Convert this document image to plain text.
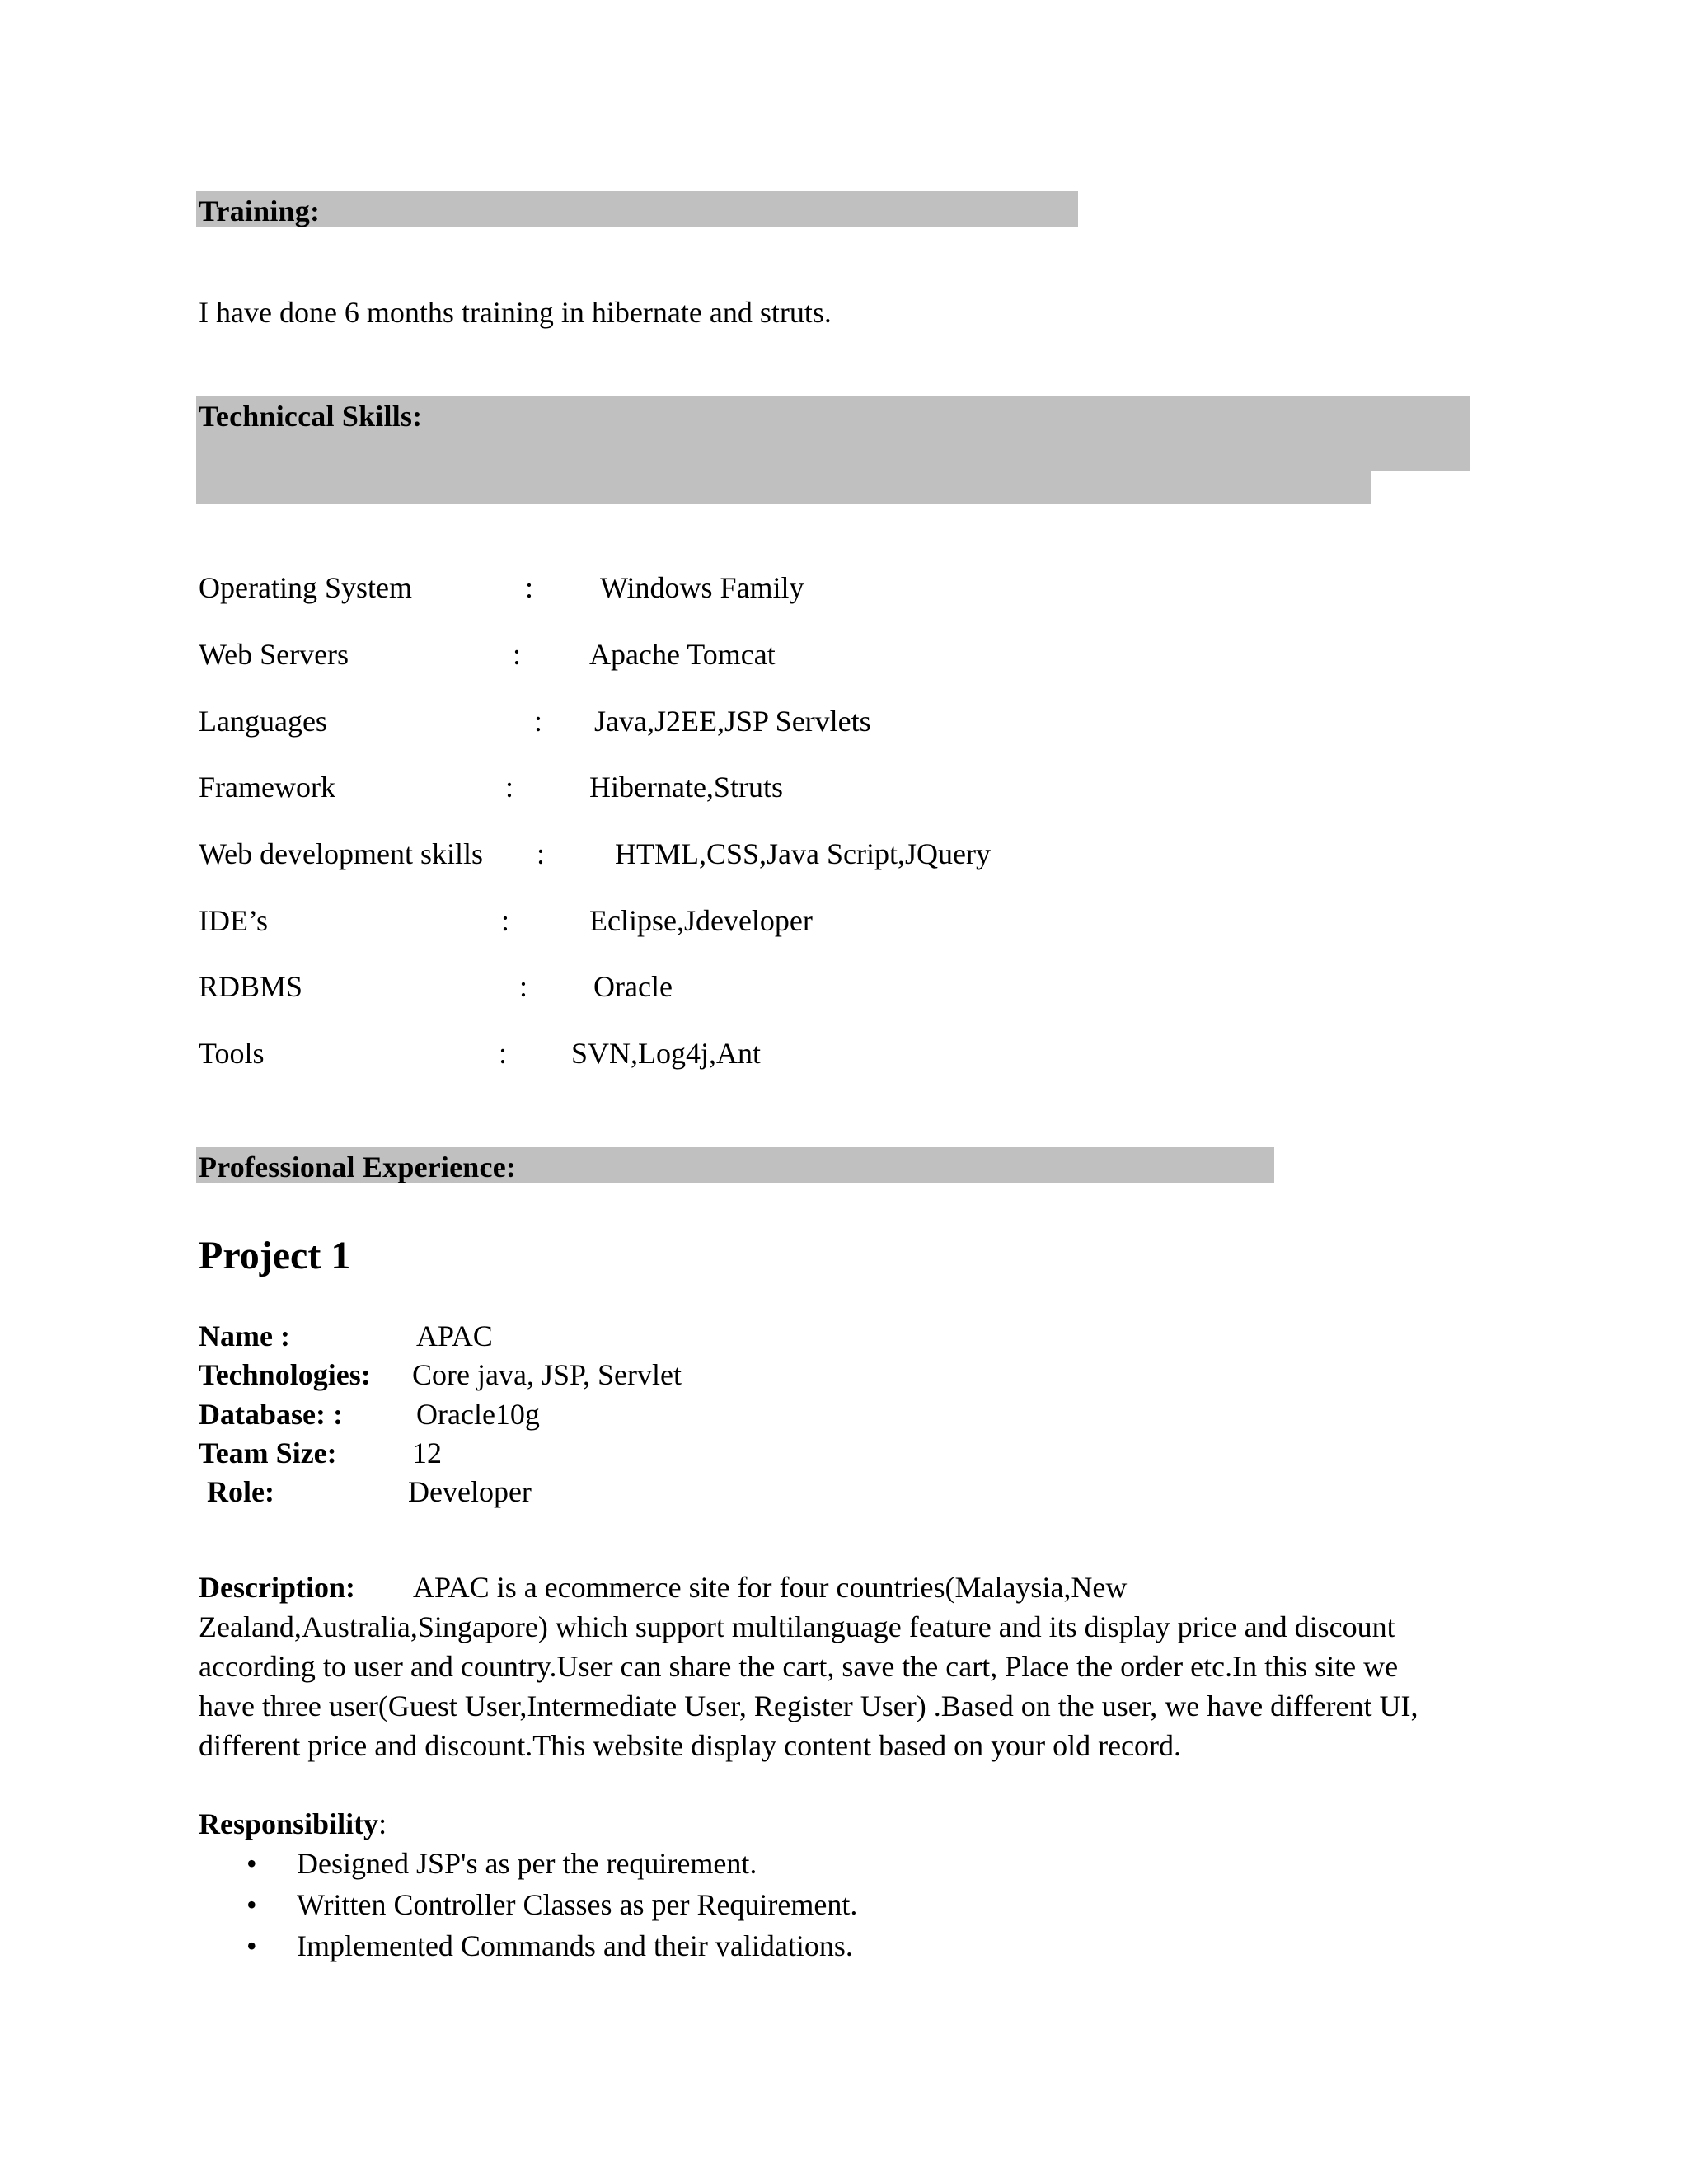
Training:
I have done 6 months training in hibernate and struts.
Techniccal Skills:
Operating System	: Windows Family
Web Servers	: Apache Tomcat
Languages	: Java,J2EE,JSP Servlets
Framework	:	Hibernate,Struts
Web development skills : HTML,CSS,Java Script,JQuery
IDE’s	:	Eclipse,Jdeveloper
RDBMS	: Oracle
Tools	: SVN,Log4j,Ant
Professional Experience:
Project 1
Name :	APAC
Technologies: Core java, JSP, Servlet
Database: : Oracle10g
Team Size:	12
Role:	Developer
Description: APAC is a ecommerce site for four countries(Malaysia,New Zealand,Australia,Singapore) which support multilanguage feature and its display price and discount according to user and country.User can share the cart, save the cart, Place the order etc.In this site we have three user(Guest User,Intermediate User, Register User) .Based on the user, we have different UI, different price and discount.This website display content based on your old record.
Responsibility:
• Designed JSP's as per the requirement.
• Written Controller Classes as per Requirement.
• Implemented Commands and their validations.
